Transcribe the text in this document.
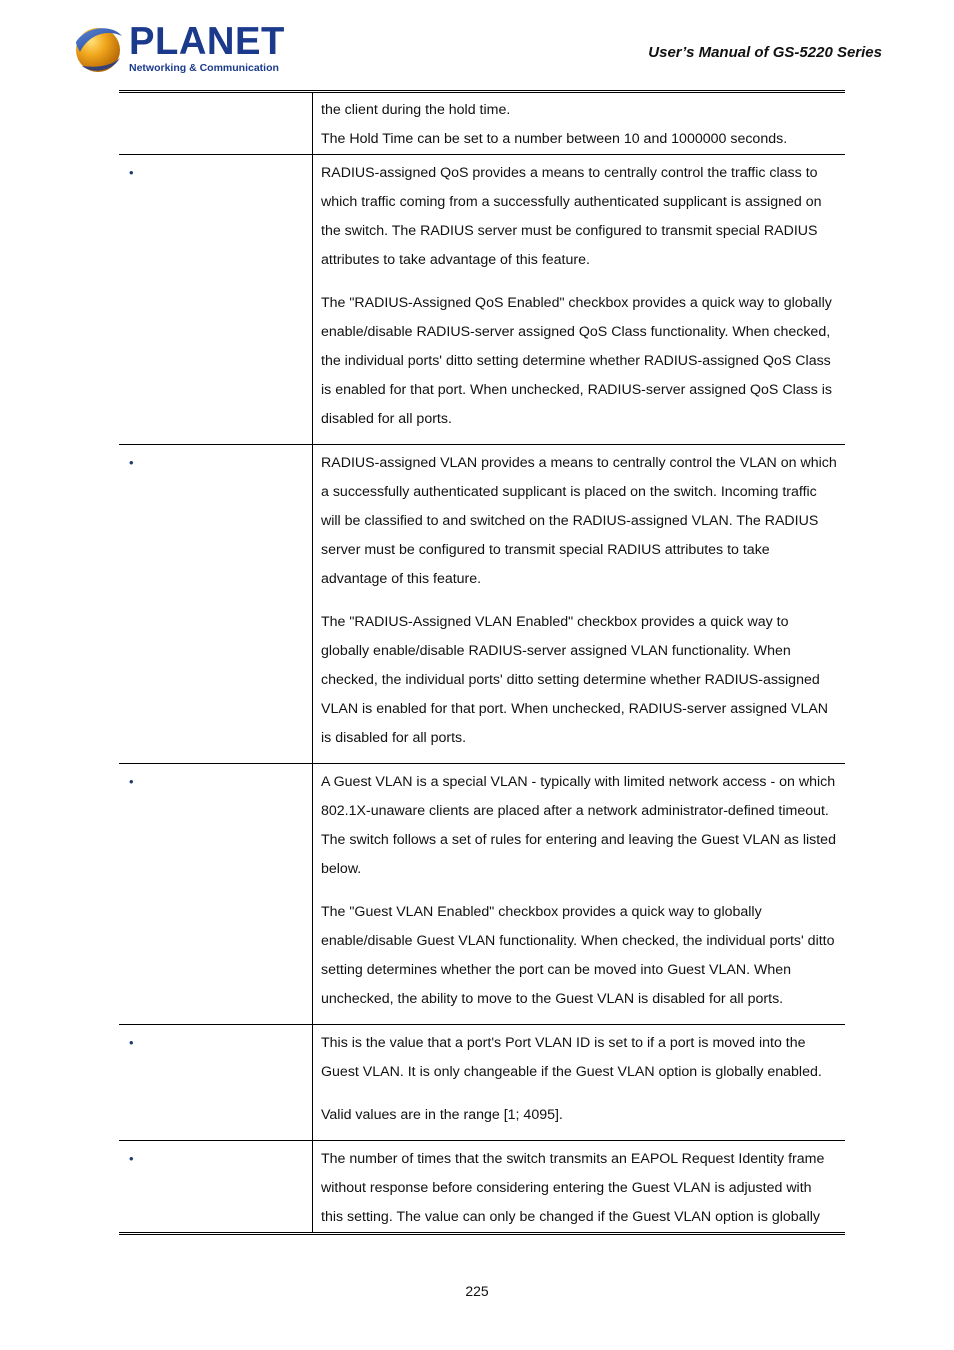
PLANET
Networking & Communication
User’s Manual of GS-5220 Series

	the client during the hold time.
The Hold Time can be set to a number between 10 and 1000000 seconds.

•	RADIUS-assigned QoS provides a means to centrally control the traffic class to which traffic coming from a successfully authenticated supplicant is assigned on the switch. The RADIUS server must be configured to transmit special RADIUS attributes to take advantage of this feature.

The "RADIUS-Assigned QoS Enabled" checkbox provides a quick way to globally enable/disable RADIUS-server assigned QoS Class functionality. When checked, the individual ports' ditto setting determine whether RADIUS-assigned QoS Class is enabled for that port. When unchecked, RADIUS-server assigned QoS Class is disabled for all ports.

•	RADIUS-assigned VLAN provides a means to centrally control the VLAN on which a successfully authenticated supplicant is placed on the switch. Incoming traffic will be classified to and switched on the RADIUS-assigned VLAN. The RADIUS server must be configured to transmit special RADIUS attributes to take advantage of this feature.

The "RADIUS-Assigned VLAN Enabled" checkbox provides a quick way to globally enable/disable RADIUS-server assigned VLAN functionality. When checked, the individual ports' ditto setting determine whether RADIUS-assigned VLAN is enabled for that port. When unchecked, RADIUS-server assigned VLAN is disabled for all ports.

•	A Guest VLAN is a special VLAN - typically with limited network access - on which 802.1X-unaware clients are placed after a network administrator-defined timeout. The switch follows a set of rules for entering and leaving the Guest VLAN as listed below.

The "Guest VLAN Enabled" checkbox provides a quick way to globally enable/disable Guest VLAN functionality. When checked, the individual ports' ditto setting determines whether the port can be moved into Guest VLAN. When unchecked, the ability to move to the Guest VLAN is disabled for all ports.

•	This is the value that a port's Port VLAN ID is set to if a port is moved into the Guest VLAN. It is only changeable if the Guest VLAN option is globally enabled.

Valid values are in the range [1; 4095].

•	The number of times that the switch transmits an EAPOL Request Identity frame without response before considering entering the Guest VLAN is adjusted with this setting. The value can only be changed if the Guest VLAN option is globally

225
